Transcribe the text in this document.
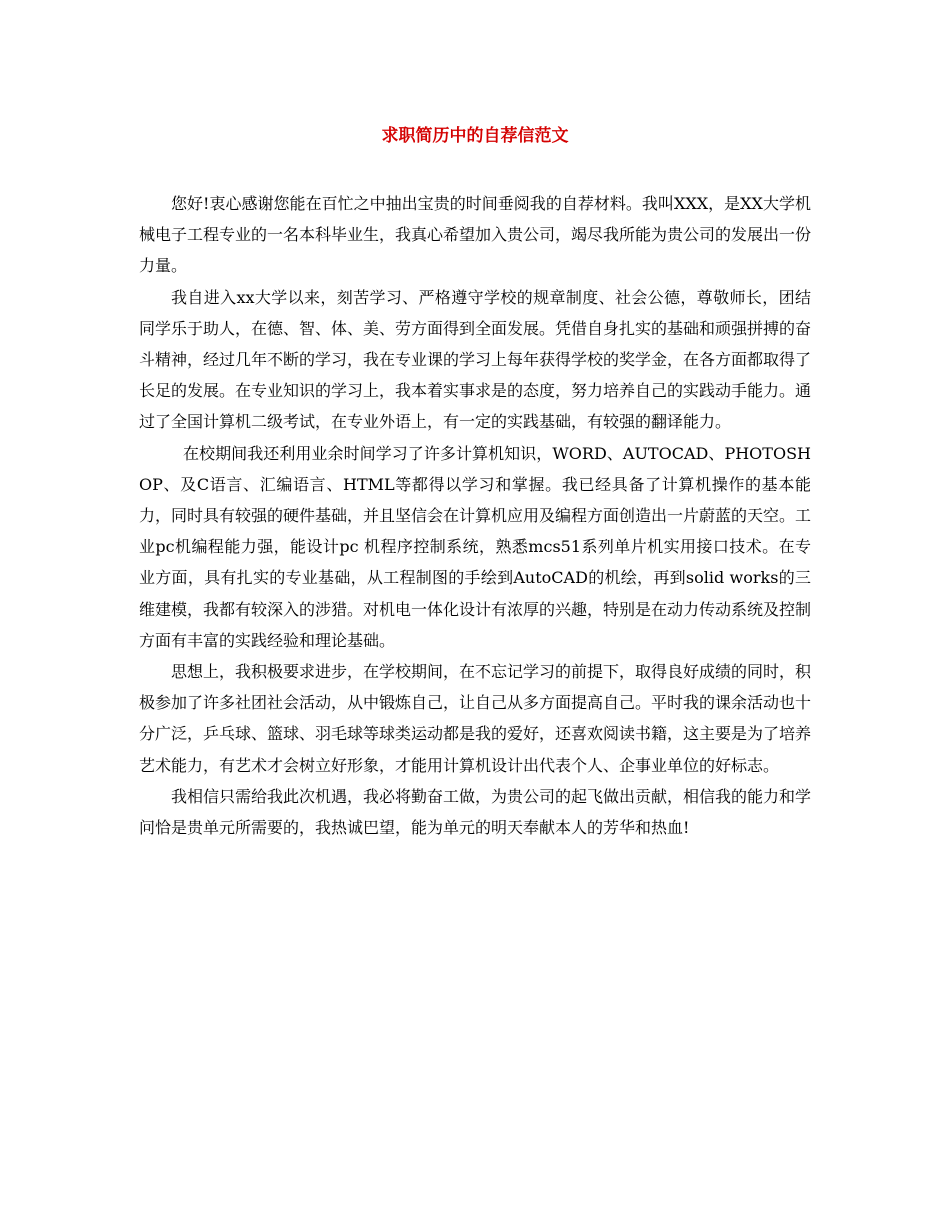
求职简历中的自荐信范文

您好!衷心感谢您能在百忙之中抽出宝贵的时间垂阅我的自荐材料。我叫XXX，是XX大学机械电子工程专业的一名本科毕业生，我真心希望加入贵公司，竭尽我所能为贵公司的发展出一份力量。

我自进入xx大学以来，刻苦学习、严格遵守学校的规章制度、社会公德，尊敬师长，团结同学乐于助人，在德、智、体、美、劳方面得到全面发展。凭借自身扎实的基础和顽强拼搏的奋斗精神，经过几年不断的学习，我在专业课的学习上每年获得学校的奖学金，在各方面都取得了长足的发展。在专业知识的学习上，我本着实事求是的态度，努力培养自己的实践动手能力。通过了全国计算机二级考试，在专业外语上，有一定的实践基础，有较强的翻译能力。

在校期间我还利用业余时间学习了许多计算机知识，WORD、AUTOCAD、PHOTOSHOP、及C语言、汇编语言、HTML等都得以学习和掌握。我已经具备了计算机操作的基本能力，同时具有较强的硬件基础，并且坚信会在计算机应用及编程方面创造出一片蔚蓝的天空。工业pc机编程能力强，能设计pc 机程序控制系统，熟悉mcs51系列单片机实用接口技术。在专业方面，具有扎实的专业基础，从工程制图的手绘到AutoCAD的机绘，再到solid works的三维建模，我都有较深入的涉猎。对机电一体化设计有浓厚的兴趣，特别是在动力传动系统及控制方面有丰富的实践经验和理论基础。

思想上，我积极要求进步，在学校期间，在不忘记学习的前提下，取得良好成绩的同时，积极参加了许多社团社会活动，从中锻炼自己，让自己从多方面提高自己。平时我的课余活动也十分广泛，乒乓球、篮球、羽毛球等球类运动都是我的爱好，还喜欢阅读书籍，这主要是为了培养艺术能力，有艺术才会树立好形象，才能用计算机设计出代表个人、企事业单位的好标志。

我相信只需给我此次机遇，我必将勤奋工做，为贵公司的起飞做出贡献，相信我的能力和学问恰是贵单元所需要的，我热诚巴望，能为单元的明天奉献本人的芳华和热血!
